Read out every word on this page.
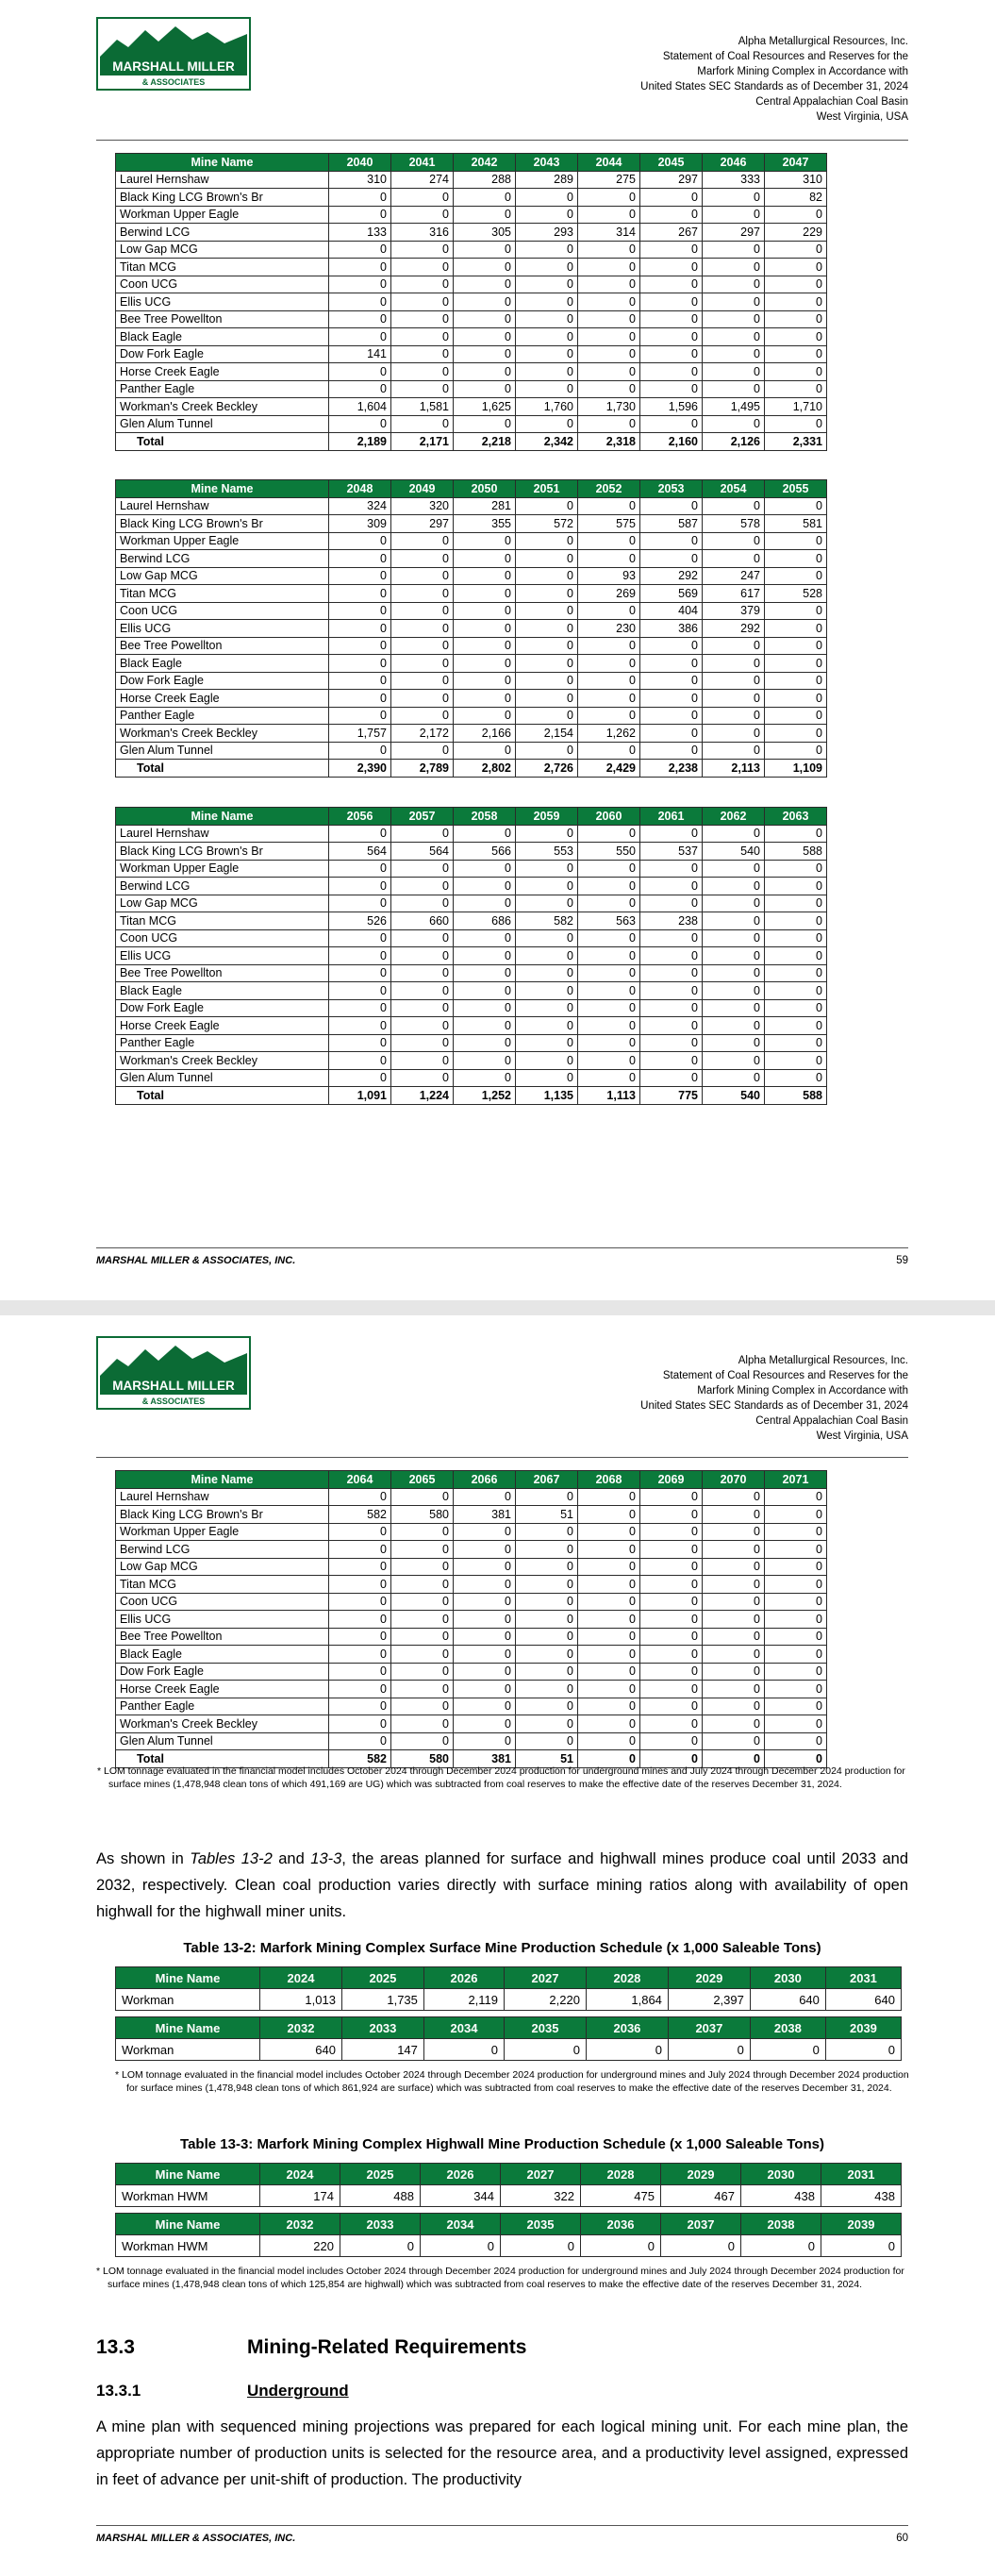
MARSHALL MILLER
& ASSOCIATES
Alpha Metallurgical Resources, Inc.
Statement of Coal Resources and Reserves for the
Marfork Mining Complex in Accordance with
United States SEC Standards as of December 31, 2024
Central Appalachian Coal Basin
West Virginia, USA
Mine Name	2040	2041	2042	2043	2044	2045	2046	2047
Laurel Hernshaw	310	274	288	289	275	297	333	310
Black King LCG Brown's Br	0	0	0	0	0	0	0	82
Workman Upper Eagle	0	0	0	0	0	0	0	0
Berwind LCG	133	316	305	293	314	267	297	229
Low Gap MCG	0	0	0	0	0	0	0	0
Titan MCG	0	0	0	0	0	0	0	0
Coon UCG	0	0	0	0	0	0	0	0
Ellis UCG	0	0	0	0	0	0	0	0
Bee Tree Powellton	0	0	0	0	0	0	0	0
Black Eagle	0	0	0	0	0	0	0	0
Dow Fork Eagle	141	0	0	0	0	0	0	0
Horse Creek Eagle	0	0	0	0	0	0	0	0
Panther Eagle	0	0	0	0	0	0	0	0
Workman's Creek Beckley	1,604	1,581	1,625	1,760	1,730	1,596	1,495	1,710
Glen Alum Tunnel	0	0	0	0	0	0	0	0
Total	2,189	2,171	2,218	2,342	2,318	2,160	2,126	2,331
Mine Name	2048	2049	2050	2051	2052	2053	2054	2055
Laurel Hernshaw	324	320	281	0	0	0	0	0
Black King LCG Brown's Br	309	297	355	572	575	587	578	581
Workman Upper Eagle	0	0	0	0	0	0	0	0
Berwind LCG	0	0	0	0	0	0	0	0
Low Gap MCG	0	0	0	0	93	292	247	0
Titan MCG	0	0	0	0	269	569	617	528
Coon UCG	0	0	0	0	0	404	379	0
Ellis UCG	0	0	0	0	230	386	292	0
Bee Tree Powellton	0	0	0	0	0	0	0	0
Black Eagle	0	0	0	0	0	0	0	0
Dow Fork Eagle	0	0	0	0	0	0	0	0
Horse Creek Eagle	0	0	0	0	0	0	0	0
Panther Eagle	0	0	0	0	0	0	0	0
Workman's Creek Beckley	1,757	2,172	2,166	2,154	1,262	0	0	0
Glen Alum Tunnel	0	0	0	0	0	0	0	0
Total	2,390	2,789	2,802	2,726	2,429	2,238	2,113	1,109
Mine Name	2056	2057	2058	2059	2060	2061	2062	2063
Laurel Hernshaw	0	0	0	0	0	0	0	0
Black King LCG Brown's Br	564	564	566	553	550	537	540	588
Workman Upper Eagle	0	0	0	0	0	0	0	0
Berwind LCG	0	0	0	0	0	0	0	0
Low Gap MCG	0	0	0	0	0	0	0	0
Titan MCG	526	660	686	582	563	238	0	0
Coon UCG	0	0	0	0	0	0	0	0
Ellis UCG	0	0	0	0	0	0	0	0
Bee Tree Powellton	0	0	0	0	0	0	0	0
Black Eagle	0	0	0	0	0	0	0	0
Dow Fork Eagle	0	0	0	0	0	0	0	0
Horse Creek Eagle	0	0	0	0	0	0	0	0
Panther Eagle	0	0	0	0	0	0	0	0
Workman's Creek Beckley	0	0	0	0	0	0	0	0
Glen Alum Tunnel	0	0	0	0	0	0	0	0
Total	1,091	1,224	1,252	1,135	1,113	775	540	588
MARSHAL MILLER & ASSOCIATES, INC.	59
MARSHALL MILLER
& ASSOCIATES
Alpha Metallurgical Resources, Inc.
Statement of Coal Resources and Reserves for the
Marfork Mining Complex in Accordance with
United States SEC Standards as of December 31, 2024
Central Appalachian Coal Basin
West Virginia, USA
Mine Name	2064	2065	2066	2067	2068	2069	2070	2071
Laurel Hernshaw	0	0	0	0	0	0	0	0
Black King LCG Brown's Br	582	580	381	51	0	0	0	0
Workman Upper Eagle	0	0	0	0	0	0	0	0
Berwind LCG	0	0	0	0	0	0	0	0
Low Gap MCG	0	0	0	0	0	0	0	0
Titan MCG	0	0	0	0	0	0	0	0
Coon UCG	0	0	0	0	0	0	0	0
Ellis UCG	0	0	0	0	0	0	0	0
Bee Tree Powellton	0	0	0	0	0	0	0	0
Black Eagle	0	0	0	0	0	0	0	0
Dow Fork Eagle	0	0	0	0	0	0	0	0
Horse Creek Eagle	0	0	0	0	0	0	0	0
Panther Eagle	0	0	0	0	0	0	0	0
Workman's Creek Beckley	0	0	0	0	0	0	0	0
Glen Alum Tunnel	0	0	0	0	0	0	0	0
Total	582	580	381	51	0	0	0	0
* LOM tonnage evaluated in the financial model includes October 2024 through December 2024 production for underground mines and July 2024 through December 2024 production for surface mines (1,478,948 clean tons of which 491,169 are UG) which was subtracted from coal reserves to make the effective date of the reserves December 31, 2024.
As shown in Tables 13-2 and 13-3, the areas planned for surface and highwall mines produce coal until 2033 and 2032, respectively. Clean coal production varies directly with surface mining ratios along with availability of open highwall for the highwall miner units.
Table 13-2: Marfork Mining Complex Surface Mine Production Schedule (x 1,000 Saleable Tons)
Mine Name	2024	2025	2026	2027	2028	2029	2030	2031
Workman	1,013	1,735	2,119	2,220	1,864	2,397	640	640

Mine Name	2032	2033	2034	2035	2036	2037	2038	2039
Workman	640	147	0	0	0	0	0	0
* LOM tonnage evaluated in the financial model includes October 2024 through December 2024 production for underground mines and July 2024 through December 2024 production for surface mines (1,478,948 clean tons of which 861,924 are surface) which was subtracted from coal reserves to make the effective date of the reserves December 31, 2024.
Table 13-3: Marfork Mining Complex Highwall Mine Production Schedule (x 1,000 Saleable Tons)
Mine Name	2024	2025	2026	2027	2028	2029	2030	2031
Workman HWM	174	488	344	322	475	467	438	438

Mine Name	2032	2033	2034	2035	2036	2037	2038	2039
Workman HWM	220	0	0	0	0	0	0	0
* LOM tonnage evaluated in the financial model includes October 2024 through December 2024 production for underground mines and July 2024 through December 2024 production for surface mines (1,478,948 clean tons of which 125,854 are highwall) which was subtracted from coal reserves to make the effective date of the reserves December 31, 2024.
13.3	Mining-Related Requirements
13.3.1	Underground
A mine plan with sequenced mining projections was prepared for each logical mining unit. For each mine plan, the appropriate number of production units is selected for the resource area, and a productivity level assigned, expressed in feet of advance per unit-shift of production. The productivity
MARSHAL MILLER & ASSOCIATES, INC.	60
